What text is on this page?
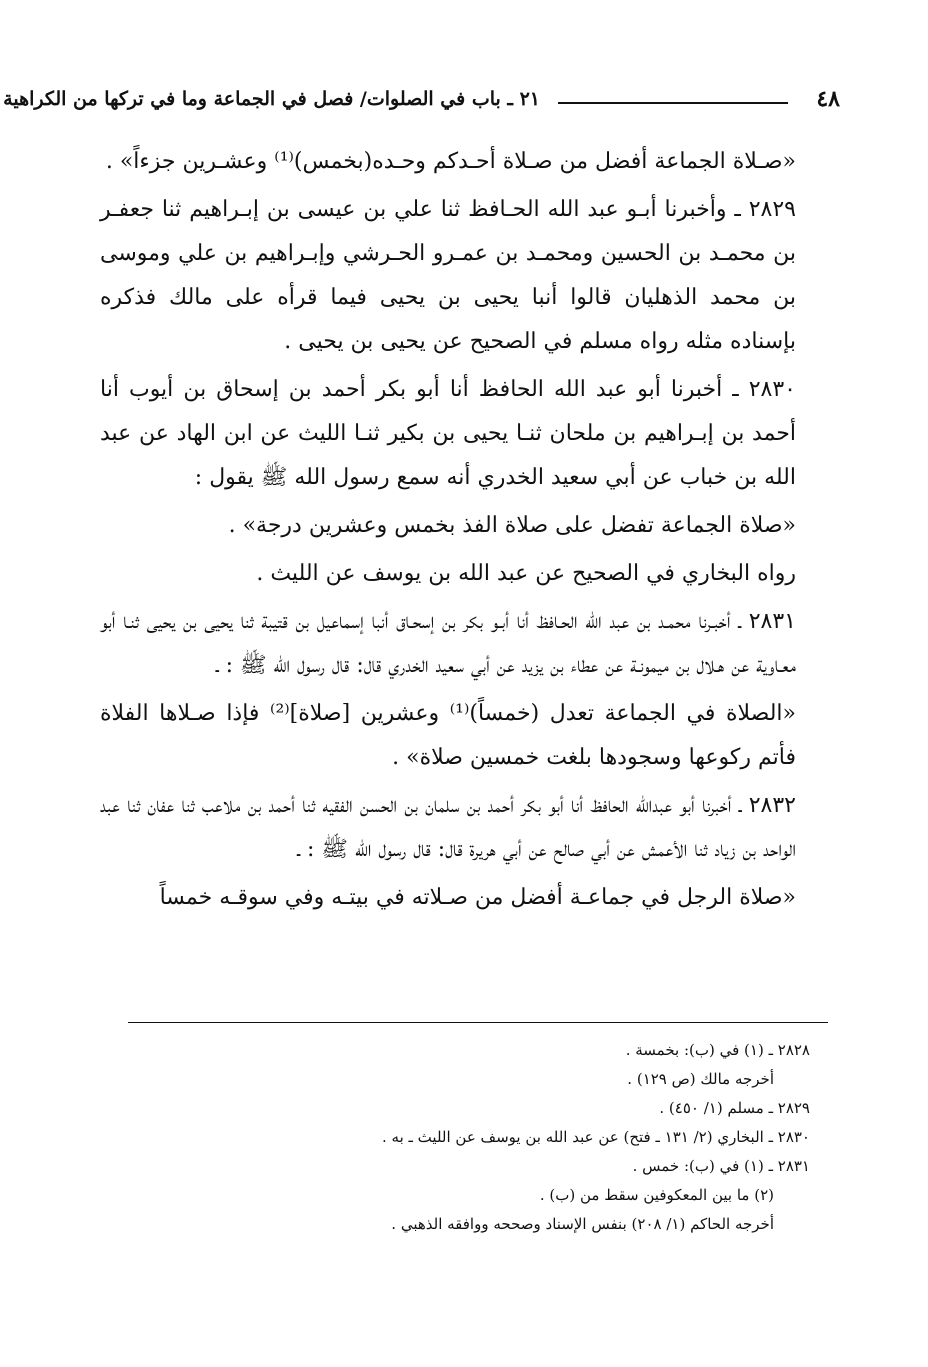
٤٨
٢١ ـ باب في الصلوات/ فصل في الجماعة وما في تركها من الكراهية

«صـلاة الجماعة أفضل من صـلاة أحـدكم وحـده(بخمس)⁽¹⁾ وعشـرين جزءاً» .

٢٨٢٩ ـ وأخبرنا أبـو عبد الله الحـافظ ثنا علي بن عيسى بن إبـراهيم ثنا جعفـر بن محمـد بن الحسين ومحمـد بن عمـرو الحـرشي وإبـراهيم بن علي وموسى بن محمد الذهليان قالوا أنبا يحيى بن يحيى فيما قرأه على مالك فذكره بإسناده مثله رواه مسلم في الصحيح عن يحيى بن يحيى .

٢٨٣٠ ـ أخبرنا أبو عبد الله الحافظ أنا أبو بكر أحمد بن إسحاق بن أيوب أنا أحمد بن إبـراهيم بن ملحان ثنـا يحيى بن بكير ثنـا الليث عن ابن الهاد عن عبد الله بن خباب عن أبي سعيد الخدري أنه سمع رسول الله ﷺ يقول :

«صلاة الجماعة تفضل على صلاة الفذ بخمس وعشرين درجة» .

رواه البخاري في الصحيح عن عبد الله بن يوسف عن الليث .

٢٨٣١ ـ أخبـرنا محمـد بن عبد الله الحـافظ أنا أبـو بكر بن إسحـاق أنبا إسماعيل بن قتيبة ثنا يحيى بن يحيى ثنـا أبو معـاوية عن هـلال بن ميمونـة عن عطاء بن يزيد عن أبي سعيد الخدري قال: قال رسول الله ﷺ : ـ

«الصلاة في الجماعة تعدل (خمساً)⁽¹⁾ وعشرين [صلاة]⁽²⁾ فإذا صـلاها الفلاة فأتم ركوعها وسجودها بلغت خمسين صلاة» .

٢٨٣٢ ـ أخبرنا أبو عبدالله الحافظ أنا أبو بكر أحمد بن سلمان بن الحسن الفقيه ثنا أحمد بن ملاعب ثنا عفان ثنا عبد الواحد بن زياد ثنا الأعمش عن أبي صالح عن أبي هريرة قال: قال رسول الله ﷺ : ـ

«صلاة الرجل في جماعـة أفضل من صـلاته في بيتـه وفي سوقـه خمساً

٢٨٢٨ ـ (١) في (ب): بخمسة .
أخرجه مالك (ص ١٢٩) .
٢٨٢٩ ـ مسلم (١/ ٤٥٠) .
٢٨٣٠ ـ البخاري (٢/ ١٣١ ـ فتح) عن عبد الله بن يوسف عن الليث ـ به .
٢٨٣١ ـ (١) في (ب): خمس .
(٢) ما بين المعكوفين سقط من (ب) .
أخرجه الحاكم (١/ ٢٠٨) بنفس الإسناد وصححه ووافقه الذهبي .
